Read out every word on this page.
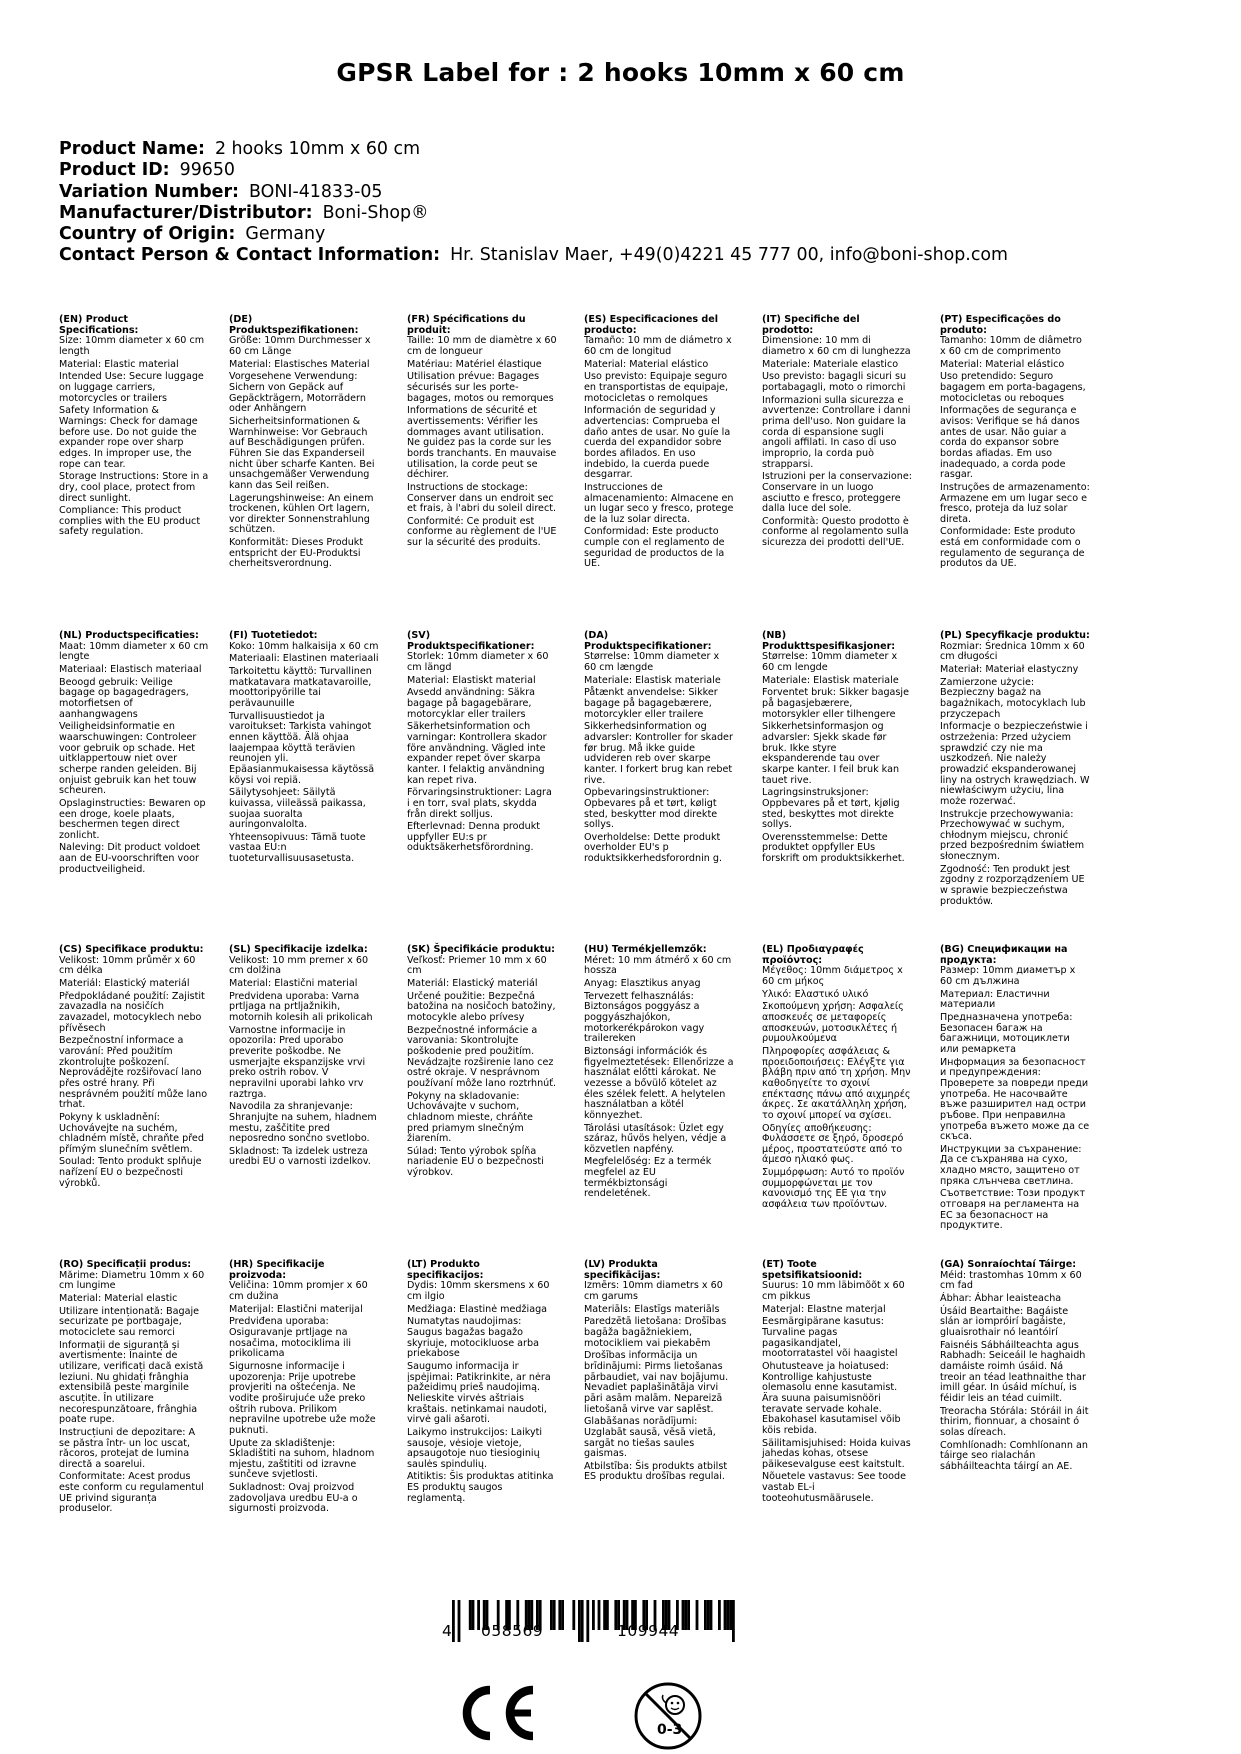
GPSR Label for : 2 hooks 10mm x 60 cm
Product Name: 2 hooks 10mm x 60 cm
Product ID: 99650
Variation Number: BONI-41833-05
Manufacturer/Distributor: Boni-Shop®
Country of Origin: Germany
Contact Person & Contact Information: Hr. Stanislav Maer, +49(0)4221 45 777 00, info@boni-shop.com

(EN) Product Specifications:

Size: 10mm diameter x 60 cm length

Material: Elastic material

Intended Use: Secure luggage on luggage carriers, motorcycles or trailers

Safety Information & Warnings: Check for damage before use. Do not guide the expander rope over sharp edges. In improper use, the rope can tear.

Storage Instructions: Store in a dry, cool place, protect from direct sunlight.

Compliance: This product complies with the EU product safety regulation.

(DE) Produktspezifikationen:

Größe: 10mm Durchmesser x 60 cm Länge

Material: Elastisches Material

Vorgesehene Verwendung: Sichern von Gepäck auf Gepäckträgern, Motorrädern oder Anhängern

Sicherheitsinformationen & Warnhinweise: Vor Gebrauch auf Beschädigungen prüfen. Führen Sie das Expanderseil nicht über scharfe Kanten. Bei unsachgemäßer Verwendung kann das Seil reißen.

Lagerungshinweise: An einem trockenen, kühlen Ort lagern, vor direkter Sonnenstrahlung schützen.

Konformität: Dieses Produkt entspricht der EU-Produktsi cherheitsverordnung.

(FR) Spécifications du produit:

Taille: 10 mm de diamètre x 60 cm de longueur

Matériau: Matériel élastique

Utilisation prévue: Bagages sécurisés sur les porte-bagages, motos ou remorques

Informations de sécurité et avertissements: Vérifier les dommages avant utilisation. Ne guidez pas la corde sur les bords tranchants. En mauvaise utilisation, la corde peut se déchirer.

Instructions de stockage: Conserver dans un endroit sec et frais, à l'abri du soleil direct.

Conformité: Ce produit est conforme au règlement de l'UE sur la sécurité des produits.

(ES) Especificaciones del producto:

Tamaño: 10 mm de diámetro x 60 cm de longitud

Material: Material elástico

Uso previsto: Equipaje seguro en transportistas de equipaje, motocicletas o remolques

Información de seguridad y advertencias: Comprueba el daño antes de usar. No guíe la cuerda del expandidor sobre bordes afilados. En uso indebido, la cuerda puede desgarrar.

Instrucciones de almacenamiento: Almacene en un lugar seco y fresco, protege de la luz solar directa.

Conformidad: Este producto cumple con el reglamento de seguridad de productos de la UE.

(IT) Specifiche del prodotto:

Dimensione: 10 mm di diametro x 60 cm di lunghezza

Materiale: Materiale elastico

Uso previsto: bagagli sicuri su portabagagli, moto o rimorchi

Informazioni sulla sicurezza e avvertenze: Controllare i danni prima dell'uso. Non guidare la corda di espansione sugli angoli affilati. In caso di uso improprio, la corda può strapparsi.

Istruzioni per la conservazione: Conservare in un luogo asciutto e fresco, proteggere dalla luce del sole.

Conformità: Questo prodotto è conforme al regolamento sulla sicurezza dei prodotti dell'UE.

(PT) Especificações do produto:

Tamanho: 10mm de diâmetro x 60 cm de comprimento

Material: Material elástico

Uso pretendido: Seguro bagagem em porta-bagagens, motocicletas ou reboques

Informações de segurança e avisos: Verifique se há danos antes de usar. Não guiar a corda do expansor sobre bordas afiadas. Em uso inadequado, a corda pode rasgar.

Instruções de armazenamento: Armazene em um lugar seco e fresco, proteja da luz solar direta.

Conformidade: Este produto está em conformidade com o regulamento de segurança de produtos da UE.

(NL) Productspecificaties:

Maat: 10mm diameter x 60 cm lengte

Materiaal: Elastisch materiaal

Beoogd gebruik: Veilige bagage op bagagedragers, motorfietsen of aanhangwagens

Veiligheidsinformatie en waarschuwingen: Controleer voor gebruik op schade. Het uitklappertouw niet over scherpe randen geleiden. Bij onjuist gebruik kan het touw scheuren.

Opslaginstructies: Bewaren op een droge, koele plaats, beschermen tegen direct zonlicht.

Naleving: Dit product voldoet aan de EU-voorschriften voor productveiligheid.

(FI) Tuotetiedot:

Koko: 10mm halkaisija x 60 cm

Materiaali: Elastinen materiaali

Tarkoitettu käyttö: Turvallinen matkatavara matkatavaroille, moottoripyörille tai perävaunuille

Turvallisuustiedot ja varoitukset: Tarkista vahingot ennen käyttöä. Älä ohjaa laajempaa köyttä terävien reunojen yli. Epäasianmukaisessa käytössä köysi voi repiä.

Säilytysohjeet: Säilytä kuivassa, viileässä paikassa, suojaa suoralta auringonvalolta.

Yhteensopivuus: Tämä tuote vastaa EU:n tuoteturvallisuusasetusta.

(SV) Produktspecifikationer:

Storlek: 10mm diameter x 60 cm längd

Material: Elastiskt material

Avsedd användning: Säkra bagage på bagagebärare, motorcyklar eller trailers

Säkerhetsinformation och varningar: Kontrollera skador före användning. Vägled inte expander repet över skarpa kanter. I felaktig användning kan repet riva.

Förvaringsinstruktioner: Lagra i en torr, sval plats, skydda från direkt solljus.

Efterlevnad: Denna produkt uppfyller EU:s pr oduktsäkerhetsförordning.

(DA) Produktspecifikationer:

Størrelse: 10mm diameter x 60 cm længde

Materiale: Elastisk materiale

Påtænkt anvendelse: Sikker bagage på bagagebærere, motorcykler eller trailere

Sikkerhedsinformation og advarsler: Kontroller for skader før brug. Må ikke guide udvideren reb over skarpe kanter. I forkert brug kan rebet rive.

Opbevaringsinstruktioner: Opbevares på et tørt, køligt sted, beskytter mod direkte sollys.

Overholdelse: Dette produkt overholder EU's p roduktsikkerhedsforordnin g.

(NB) Produkttspesifikasjoner:

Størrelse: 10mm diameter x 60 cm lengde

Materiale: Elastisk materiale

Forventet bruk: Sikker bagasje på bagasjebærere, motorsykler eller tilhengere

Sikkerhetsinformasjon og advarsler: Sjekk skade før bruk. Ikke styre ekspanderende tau over skarpe kanter. I feil bruk kan tauet rive.

Lagringsinstruksjoner: Oppbevares på et tørt, kjølig sted, beskyttes mot direkte sollys.

Overensstemmelse: Dette produktet oppfyller EUs forskrift om produktsikkerhet.

(PL) Specyfikacje produktu:

Rozmiar: Średnica 10mm x 60 cm długości

Materiał: Materiał elastyczny

Zamierzone użycie: Bezpieczny bagaż na bagażnikach, motocyklach lub przyczepach

Informacje o bezpieczeństwie i ostrzeżenia: Przed użyciem sprawdzić czy nie ma uszkodzeń. Nie należy prowadzić ekspanderowanej liny na ostrych krawędziach. W niewłaściwym użyciu, lina może rozerwać.

Instrukcje przechowywania: Przechowywać w suchym, chłodnym miejscu, chronić przed bezpośrednim światłem słonecznym.

Zgodność: Ten produkt jest zgodny z rozporządzeniem UE w sprawie bezpieczeństwa produktów.

(CS) Specifikace produktu:

Velikost: 10mm průměr x 60 cm délka

Materiál: Elastický materiál

Předpokládané použití: Zajistit zavazadla na nosičích zavazadel, motocyklech nebo přívěsech

Bezpečnostní informace a varování: Před použitím zkontrolujte poškození. Neprovádějte rozšiřovací lano přes ostré hrany. Při nesprávném použití může lano trhat.

Pokyny k uskladnění: Uchovávejte na suchém, chladném místě, chraňte před přímým slunečním světlem.

Soulad: Tento produkt splňuje nařízení EU o bezpečnosti výrobků.

(SL) Specifikacije izdelka:

Velikost: 10 mm premer x 60 cm dolžina

Material: Elastični material

Predvidena uporaba: Varna prtljaga na prtljažnikih, motornih kolesih ali prikolicah

Varnostne informacije in opozorila: Pred uporabo preverite poškodbe. Ne usmerjajte ekspanzijske vrvi preko ostrih robov. V nepravilni uporabi lahko vrv raztrga.

Navodila za shranjevanje: Shranjujte na suhem, hladnem mestu, zaščitite pred neposredno sončno svetlobo.

Skladnost: Ta izdelek ustreza uredbi EU o varnosti izdelkov.

(SK) Špecifikácie produktu:

Veľkosť: Priemer 10 mm x 60 cm

Materiál: Elastický materiál

Určené použitie: Bezpečná batožina na nosičoch batožiny, motocykle alebo prívesy

Bezpečnostné informácie a varovania: Skontrolujte poškodenie pred použitím. Nevádzajte rozširenie lano cez ostré okraje. V nesprávnom používaní môže lano roztrhnúť.

Pokyny na skladovanie: Uchovávajte v suchom, chladnom mieste, chráňte pred priamym slnečným žiarením.

Súlad: Tento výrobok spĺňa nariadenie EÚ o bezpečnosti výrobkov.

(HU) Termékjellemzők:

Méret: 10 mm átmérő x 60 cm hossza

Anyag: Elasztikus anyag

Tervezett felhasználás: Biztonságos poggyász a poggyászhajókon, motorkerékpárokon vagy trailereken

Biztonsági információk és figyelmeztetések: Ellenőrizze a használat előtti károkat. Ne vezesse a bővülő kötelet az éles szélek felett. A helytelen használatban a kötél könnyezhet.

Tárolási utasítások: Üzlet egy száraz, hűvös helyen, védje a közvetlen napfény.

Megfelelőség: Ez a termék megfelel az EU termékbiztonsági rendeletének.

(EL) Προδιαγραφές προϊόντος:

Μέγεθος: 10mm διάμετρος x 60 cm μήκος

Υλικό: Ελαστικό υλικό

Σκοπούμενη χρήση: Ασφαλείς αποσκευές σε μεταφορείς αποσκευών, μοτοσικλέτες ή ρυμουλκούμενα

Πληροφορίες ασφάλειας & προειδοποιήσεις: Ελέγξτε για βλάβη πριν από τη χρήση. Μην καθοδηγείτε το σχοινί επέκτασης πάνω από αιχμηρές άκρες. Σε ακατάλληλη χρήση, το σχοινί μπορεί να σχίσει.

Οδηγίες αποθήκευσης: Φυλάσσετε σε ξηρό, δροσερό μέρος, προστατεύστε από το άμεσο ηλιακό φως.

Συμμόρφωση: Αυτό το προϊόν συμμορφώνεται με τον κανονισμό της ΕΕ για την ασφάλεια των προϊόντων.

(BG) Спецификации на продукта:

Размер: 10mm диаметър x 60 cm дължина

Материал: Еластични материали

Предназначена употреба: Безопасен багаж на багажници, мотоциклети или ремаркета

Информация за безопасност и предупреждения: Проверете за повреди преди употреба. Не насочвайте въже разширител над остри ръбове. При неправилна употреба въжето може да се скъса.

Инструкции за съхранение: Да се съхранява на сухо, хладно място, защитено от пряка слънчева светлина.

Съответствие: Този продукт отговаря на регламента на ЕС за безопасност на продуктите.

(RO) Specificații produs:

Mărime: Diametru 10mm x 60 cm lungime

Material: Material elastic

Utilizare intenționată: Bagaje securizate pe portbagaje, motociclete sau remorci

Informații de siguranță și avertismente: Înainte de utilizare, verificați dacă există leziuni. Nu ghidați frânghia extensibilă peste marginile ascuțite. În utilizare necorespunzătoare, frânghia poate rupe.

Instrucțiuni de depozitare: A se păstra într- un loc uscat, răcoros, protejat de lumina directă a soarelui.

Conformitate: Acest produs este conform cu regulamentul UE privind siguranța produselor.

(HR) Specifikacije proizvoda:

Veličina: 10mm promjer x 60 cm dužina

Materijal: Elastični materijal

Predviđena uporaba: Osiguravanje prtljage na nosačima, motociklima ili prikolicama

Sigurnosne informacije i upozorenja: Prije upotrebe provjeriti na oštećenja. Ne vodite proširujuće uže preko oštrih rubova. Prilikom nepravilne upotrebe uže može puknuti.

Upute za skladištenje: Skladištiti na suhom, hladnom mjestu, zaštititi od izravne sunčeve svjetlosti.

Sukladnost: Ovaj proizvod zadovoljava uredbu EU-a o sigurnosti proizvoda.

(LT) Produkto specifikacijos:

Dydis: 10mm skersmens x 60 cm ilgio

Medžiaga: Elastinė medžiaga

Numatytas naudojimas: Saugus bagažas bagažo skyriuje, motocikluose arba priekabose

Saugumo informacija ir įspėjimai: Patikrinkite, ar nėra pažeidimų prieš naudojimą. Nelieskite virvės aštriais kraštais. netinkamai naudoti, virvė gali ašaroti.

Laikymo instrukcijos: Laikyti sausoje, vėsioje vietoje, apsaugotoje nuo tiesioginių saulės spindulių.

Atitiktis: Šis produktas atitinka ES produktų saugos reglamentą.

(LV) Produkta specifikācijas:

Izmērs: 10mm diametrs x 60 cm garums

Materiāls: Elastīgs materiāls

Paredzētā lietošana: Drošības bagāža bagāžniekiem, motocikliem vai piekabēm

Drošības informācija un brīdinājumi: Pirms lietošanas pārbaudiet, vai nav bojājumu. Nevadiet paplašinātāja virvi pāri asām malām. Nepareizā lietošanā virve var saplēst.

Glabāšanas norādījumi: Uzglabāt sausā, vēsā vietā, sargāt no tiešas saules gaismas.

Atbilstība: Šis produkts atbilst ES produktu drošības regulai.

(ET) Toote spetsifikatsioonid:

Suurus: 10 mm läbimõõt x 60 cm pikkus

Materjal: Elastne materjal

Eesmärgipärane kasutus: Turvaline pagas pagasikandjatel, mootorratastel või haagistel

Ohutusteave ja hoiatused: Kontrollige kahjustuste olemasolu enne kasutamist. Ära suuna paisumisnööri teravate servade kohale. Ebakohasel kasutamisel võib köis rebida.

Säilitamisjuhised: Hoida kuivas jahedas kohas, otsese päikesevalguse eest kaitstult.

Nõuetele vastavus: See toode vastab EL-i tooteohutusmäärusele.

(GA) Sonraíochtaí Táirge:

Méid: trastomhas 10mm x 60 cm fad

Ábhar: Ábhar leaisteacha

Úsáid Beartaithe: Bagáiste slán ar iompróirí bagáiste, gluaisrothair nó leantóirí

Faisnéis Sábháilteachta agus Rabhadh: Seiceáil le haghaidh damáiste roimh úsáid. Ná treoir an téad leathnaithe thar imill géar. In úsáid míchuí, is féidir leis an téad cuimilt.

Treoracha Stórála: Stóráil in áit thirim, fionnuar, a chosaint ó solas díreach.

Comhlíonadh: Comhlíonann an táirge seo rialachán sábháilteachta táirgí an AE.

4 058569	109944
0-3
